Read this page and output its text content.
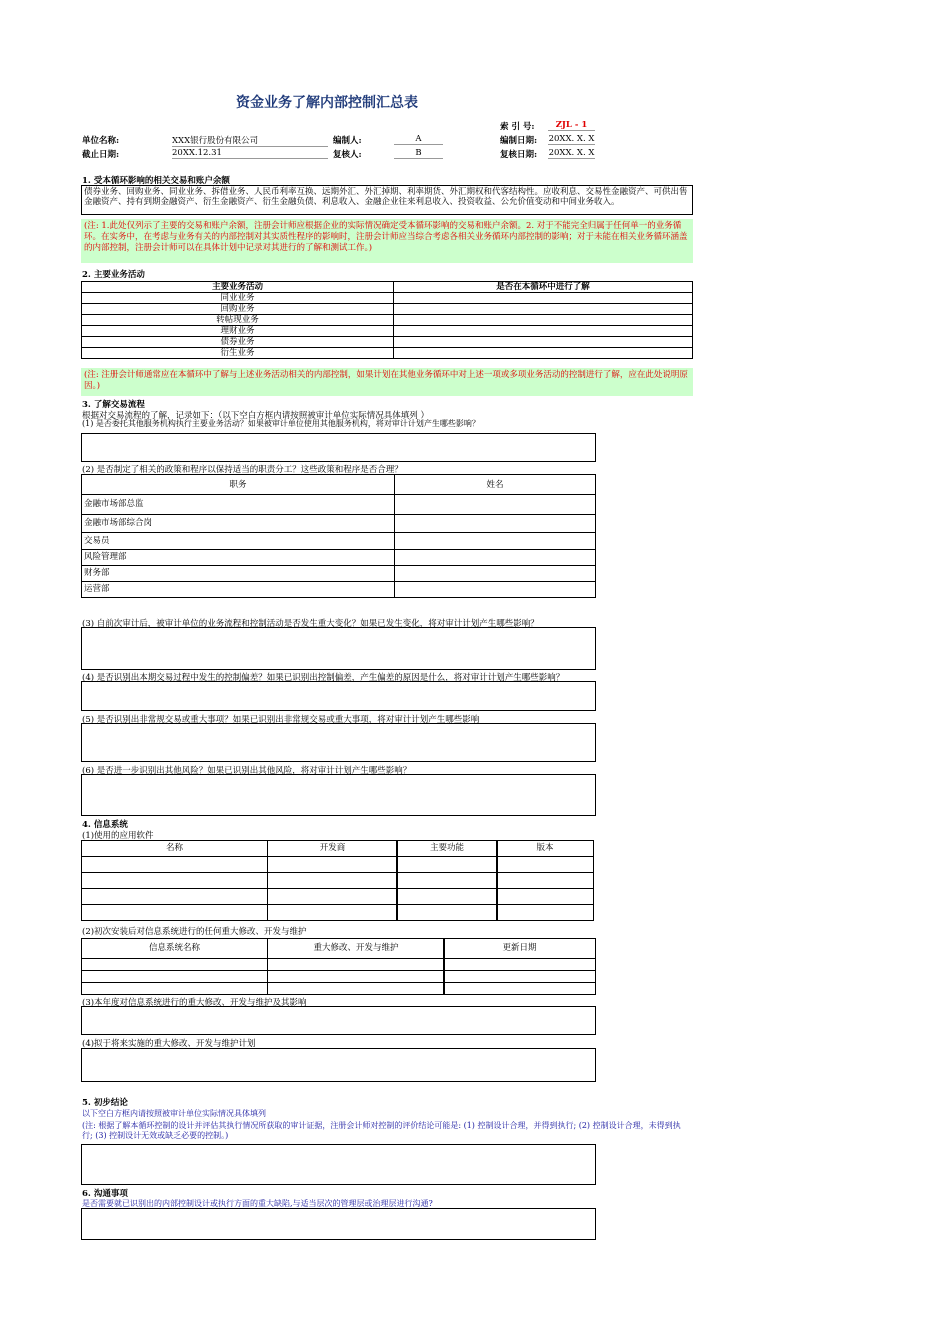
资金业务了解内部控制汇总表
索 引 号:	ZJL - 1
单位名称:	XXX银行股份有限公司	编制人:	A	编制日期: 20XX. X. X
截止日期:	20XX.12.31	复核人:	B	复核日期: 20XX. X. X
1. 受本循环影响的相关交易和账户余额
债券业务、回购业务、同业业务、拆借业务、人民币利率互换、远期外汇、外汇掉期、利率期货、外汇期权和代客结构性。应收利息、交易性金融资产、可供出售金融资产、持有到期金融资产、衍生金融资产、衍生金融负债、利息收入、金融企业往来利息收入、投资收益、公允价值变动和中间业务收入。
(注: 1.此处仅列示了主要的交易和账户余额，注册会计师应根据企业的实际情况确定受本循环影响的交易和账户余额。2. 对于不能完全归属于任何单一的业务循环。在实务中，在考虑与业务有关的内部控制对其实质性程序的影响时，注册会计师应当综合考虑各相关业务循环内部控制的影响；对于未能在相关业务循环涵盖的内部控制，注册会计师可以在具体计划中记录对其进行的了解和测试工作。)
2. 主要业务活动
主要业务活动	是否在本循环中进行了解
同业业务
回购业务
转帖现业务
理财业务
债券业务
衍生业务
(注: 注册会计师通常应在本循环中了解与上述业务活动相关的内部控制，如果计划在其他业务循环中对上述一项或多项业务活动的控制进行了解，应在此处说明原因。)
3. 了解交易流程
根据对交易流程的了解，记录如下：（以下空白方框内请按照被审计单位实际情况具体填列 ）
(1) 是否委托其他服务机构执行主要业务活动？如果被审计单位使用其他服务机构，将对审计计划产生哪些影响？
(2) 是否制定了相关的政策和程序以保持适当的职责分工？这些政策和程序是否合理？
职务	姓名
金融市场部总监
金融市场部综合岗
交易员
风险管理部
财务部
运营部
(3) 自前次审计后，被审计单位的业务流程和控制活动是否发生重大变化？如果已发生变化，将对审计计划产生哪些影响？
(4) 是否识别出本期交易过程中发生的控制偏差？如果已识别出控制偏差，产生偏差的原因是什么，将对审计计划产生哪些影响？
(5) 是否识别出非常规交易或重大事项？如果已识别出非常规交易或重大事项，将对审计计划产生哪些影响
(6) 是否进一步识别出其他风险？如果已识别出其他风险，将对审计计划产生哪些影响？
4. 信息系统
(1)使用的应用软件
名称	开发商	主要功能	版本
(2)初次安装后对信息系统进行的任何重大修改、开发与维护
信息系统名称	重大修改、开发与维护	更新日期
(3)本年度对信息系统进行的重大修改、开发与维护及其影响
(4)拟于将来实施的重大修改、开发与维护计划
5. 初步结论
以下空白方框内请按照被审计单位实际情况具体填列
(注: 根据了解本循环控制的设计并评估其执行情况所获取的审计证据，注册会计师对控制的评价结论可能是: (1) 控制设计合理，并得到执行; (2) 控制设计合理，未得到执行; (3) 控制设计无效或缺乏必要的控制。)
6. 沟通事项
是否需要就已识别出的内部控制设计或执行方面的重大缺陷,与适当层次的管理层或治理层进行沟通?
